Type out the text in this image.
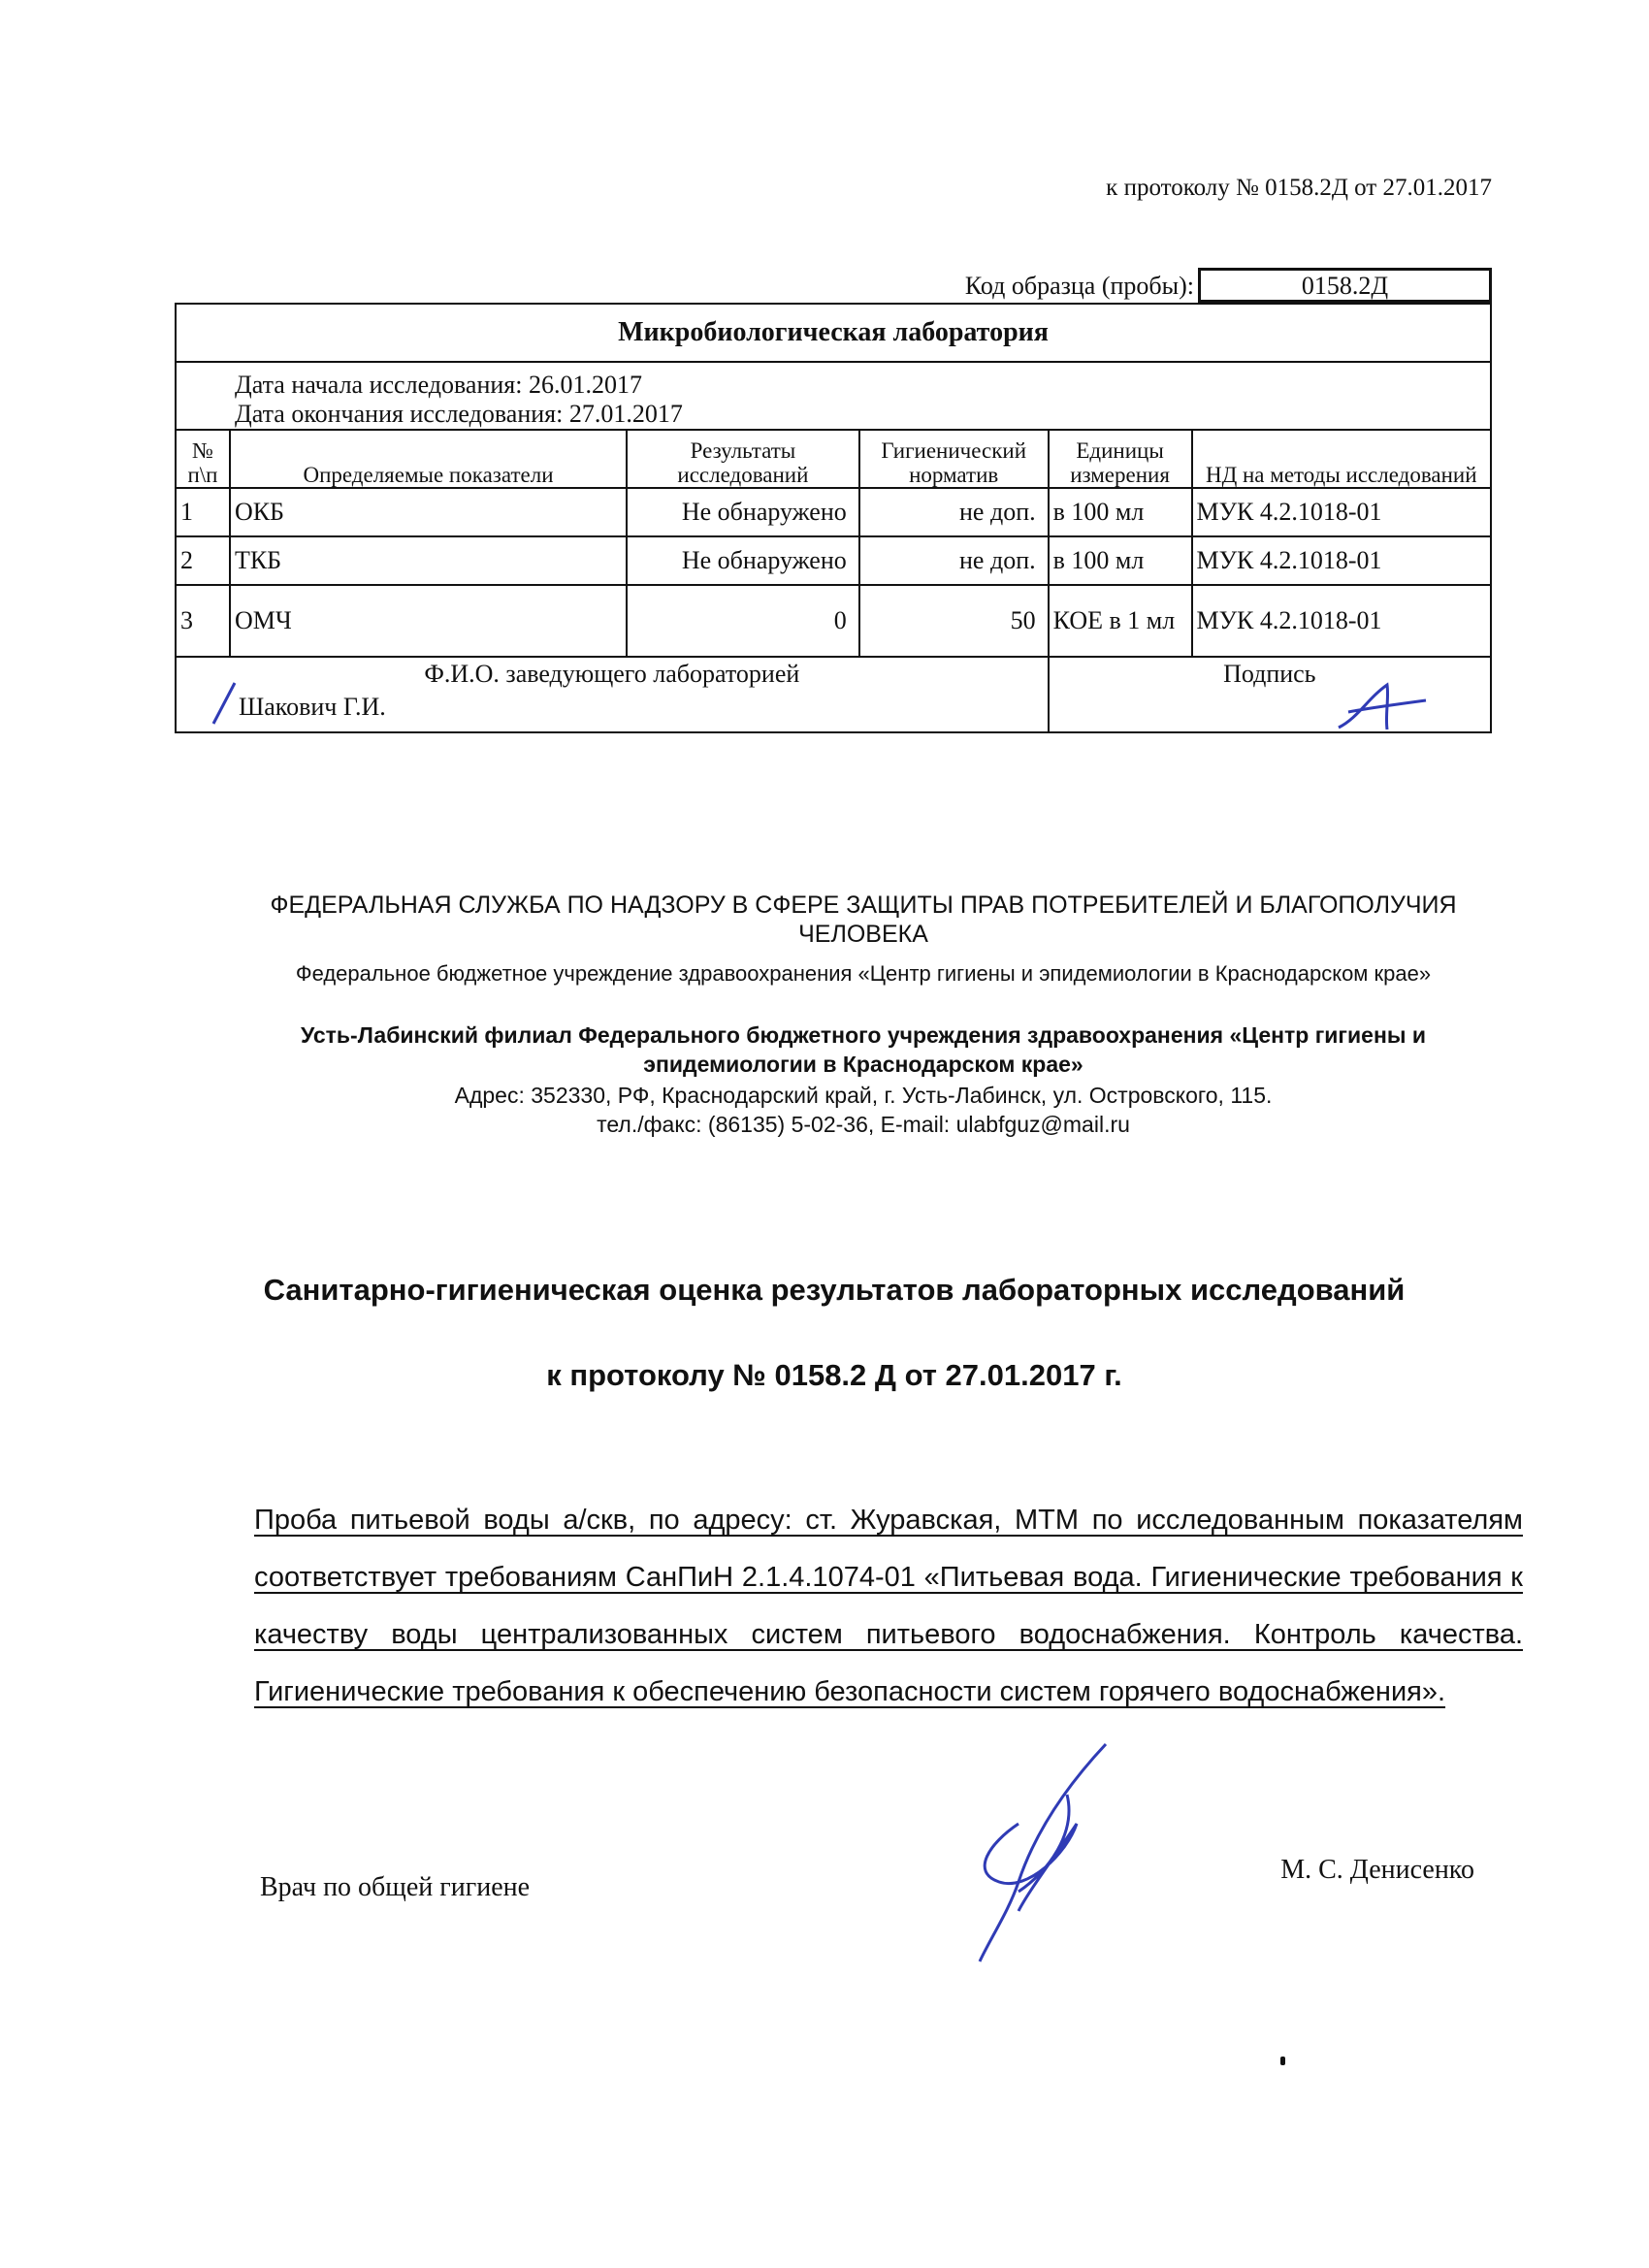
к протоколу № 0158.2Д от 27.01.2017
Код образца (пробы):	0158.2Д
Микробиологическая лаборатория					

Дата начала исследования: 26.01.2017
Дата окончания исследования: 27.01.2017					

№ п\п	Определяемые показатели	Результаты исследований	Гигиенический норматив	Единицы измерения	НД на методы исследований
1	ОКБ	Не обнаружено	не доп.	в 100 мл	МУК 4.2.1018-01
2	ТКБ	Не обнаружено	не доп.	в 100 мл	МУК 4.2.1018-01
3	ОМЧ	0	50	КОЕ в 1 мл	МУК 4.2.1018-01

Ф.И.О. заведующего лабораторией
Шакович Г.И.				Подпись	
ФЕДЕРАЛЬНАЯ СЛУЖБА ПО НАДЗОРУ В СФЕРЕ ЗАЩИТЫ ПРАВ ПОТРЕБИТЕЛЕЙ И БЛАГОПОЛУЧИЯ ЧЕЛОВЕКА
Федеральное бюджетное учреждение здравоохранения «Центр гигиены и эпидемиологии в Краснодарском крае»
Усть-Лабинский филиал Федерального бюджетного учреждения здравоохранения «Центр гигиены и эпидемиологии в Краснодарском крае»
Адрес: 352330, РФ, Краснодарский край, г. Усть-Лабинск, ул. Островского, 115.
тел./факс: (86135) 5-02-36, E-mail: ulabfguz@mail.ru
Санитарно-гигиеническая оценка результатов лабораторных исследований
к протоколу № 0158.2 Д от 27.01.2017 г.
Проба питьевой воды а/скв, по адресу: ст. Журавская, МТМ по исследованным показателям соответствует требованиям СанПиН 2.1.4.1074-01 «Питьевая вода. Гигиенические требования к качеству воды централизованных систем питьевого водоснабжения. Контроль качества. Гигиенические требования к обеспечению безопасности систем горячего водоснабжения».
Врач по общей гигиене
М. С. Денисенко
